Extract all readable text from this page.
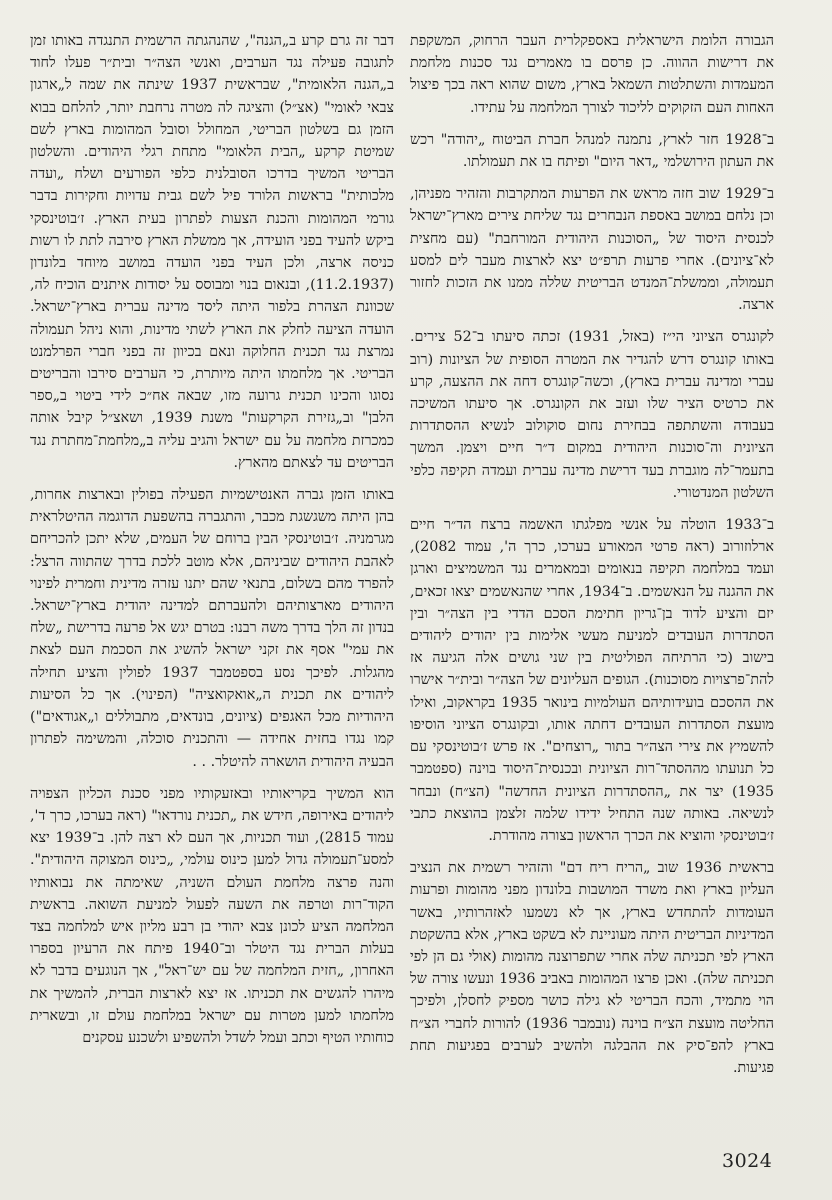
הגבורה הלומת הישראלית באספקלרית העבר הרחוק, המשקפת את דרישות ההווה. כן פרסם בו מאמרים נגד סכנות מלחמת המעמדות והשתלטות השמאל בארץ, משום שהוא ראה בכך פיצול האחות העם הזקוקים לליכוד לצורך המלחמה על עתידו.

ב־1928 חזר לארץ, נתמנה למנהל חברת הביטוח „יהודה" רכש את העתון הירושלמי „דאר היום" ופיתח בו את תעמולתו.

ב־1929 שוב חזה מראש את הפרעות המתקרבות והזהיר מפניהן, וכן נלחם במושב באספת הנבחרים נגד שליחת צירים מארץ־ישראל לכנסית היסוד של „הסוכנות היהודית המורחבת" (עם מחצית לא־ציונים). אחרי פרעות תרפ״ט יצא לארצות מעבר לים למסע תעמולה, וממשלת־המנדט הבריטית שללה ממנו את הזכות לחזור ארצה.

לקונגרס הציוני הי״ז (באזל, 1931) זכתה סיעתו ב־52 צירים. באותו קונגרס דרש להגדיר את המטרה הסופית של הציונות (רוב עברי ומדינה עברית בארץ), וכשה־קונגרס דחה את ההצעה, קרע את כרטיס הציר שלו ועזב את הקונגרס. אך סיעתו המשיכה בעבודה והשתתפה בבחירת נחום סוקולוב לנשיא ההסתדרות הציונית וה־סוכנות היהודית במקום ד״ר חיים ויצמן. המשך בתעמר־לה מוגברת בעד דרישת מדינה עברית ועמדה תקיפה כלפי השלטון המנדטורי.

ב־1933 הוטלה על אנשי מפלגתו האשמה ברצח הד״ר חיים ארלוזורוב (ראה פרטי המאורע בערכו, כרך ה', עמוד 2082), ועמד במלחמה תקיפה בנאומים ובמאמרים נגד המשמיצים וארגן את ההגנה על הנאשמים. ב־1934, אחרי שהנאשמים יצאו זכאים, יזם והציע לדוד בן־גריון חתימת הסכם הדדי בין הצה״ר ובין הסתדרות העובדים למניעת מעשי אלימות בין יהודים ליהודים בישוב (כי הרתיחה הפוליטית בין שני גושים אלה הגיעה אז להת־פרצויות מסוכנות). הגופים העליונים של הצה״ר ובית״ר אישרו את ההסכם בועידותיהם העולמיות בינואר 1935 בקראקוב, ואילו מועצת הסתדרות העובדים דחתה אותו, ובקונגרס הציוני הוסיפו להשמיץ את צירי הצה״ר בתור „רוצחים". אז פרש ז׳בוטינסקי עם כל תנועתו מההסתד־רות הציונית ובכנסית־היסוד בוינה (ספטמבר 1935) יצר את „ההסתדרות הציונית החדשה" (הצ״ח) ונבחר לנשיאה. באותה שנה התחיל ידידו שלמה זלצמן בהוצאת כתבי ז׳בוטינסקי והוציא את הכרך הראשון בצורה מהודרת.

בראשית 1936 שוב „הריח ריח דם" והזהיר רשמית את הנציב העליון בארץ ואת משרד המושבות בלונדון מפני מהומות ופרעות העומדות להתחדש בארץ, אך לא נשמעו לאזהרותיו, באשר המדיניות הבריטית היתה מעוניינת לא בשקט בארץ, אלא בהשקטת הארץ לפי תכניתה שלה אחרי שתפרוצנה מהומות (אולי גם הן לפי תכניתה שלה). ואכן פרצו המהומות באביב 1936 ונעשו צורה של הוי מתמיד, והכח הבריטי לא גילה כושר מספיק לחסלן, ולפיכך החליטה מועצת הצ״ח בוינה (נובמבר 1936) להורות לחברי הצ״ח בארץ להפ־סיק את ההבלגה ולהשיב לערבים בפגיעות תחת פגיעות.

דבר זה גרם קרע ב„הגנה", שהנהגתה הרשמית התנגדה באותו זמן לתגובה פעילה נגד הערבים, ואנשי הצה״ר ובית״ר פעלו לחוד ב„הגנה הלאומית", שבראשית 1937 שינתה את שמה ל„ארגון צבאי לאומי" (אצ״ל) והציגה לה מטרה נרחבת יותר, להלחם בבוא הזמן גם בשלטון הבריטי, המחולל וסובל המהומות בארץ לשם שמיטת קרקע „הבית הלאומי" מתחת רגלי היהודים. והשלטון הבריטי המשיך בדרכו הסובלנית כלפי הפורעים ושלח „ועדה מלכותית" בראשות הלורד פיל לשם גבית עדויות וחקירות בדבר גורמי המהומות והכנת הצעות לפתרון בעית הארץ. ז׳בוטינסקי ביקש להעיד בפני הועידה, אך ממשלת הארץ סירבה לתת לו רשות כניסה ארצה, ולכן העיד בפני הועדה במושב מיוחד בלונדון (11.2.1937), ובנאום בנוי ומבוסס על יסודות איתנים הוכיח לה, שכוונת הצהרת בלפור היתה ליסד מדינה עברית בארץ־ישראל. הועדה הציעה לחלק את הארץ לשתי מדינות, והוא ניהל תעמולה נמרצת נגד תכנית החלוקה ונאם בכיוון זה בפני חברי הפרלמנט הבריטי. אך מלחמתו היתה מיותרת, כי הערבים סירבו והבריטים נסוגו והכינו תכנית גרועה מזו, שבאה אח״כ לידי ביטוי ב„ספר הלבן" וב„גזירת הקרקעות" משנת 1939, ושאצ״ל קיבל אותה כמכרזת מלחמה על עם ישראל והגיב עליה ב„מלחמת־מחתרת נגד הבריטים עד לצאתם מהארץ.

באותו הזמן גברה האנטישמיות הפעילה בפולין ובארצות אחרות, בהן היתה משגשגת מכבר, והתגברה בהשפעת הדוגמה ההיטלראית מגרמניה. ז׳בוטינסקי הבין ברוחם של העמים, שלא יתכן להכריחם לאהבת היהודים שביניהם, אלא מוטב ללכת בדרך שהתווה הרצל: להפרד מהם בשלום, בתנאי שהם יתנו עזרה מדינית וחמרית לפינוי היהודים מארצותיהם ולהעברתם למדינה יהודית בארץ־ישראל. בנדון זה הלך בדרך משה רבנו: בטרם יגש אל פרעה בדרישת „שלח את עמי" אסף את זקני ישראל להשיג את הסכמת העם לצאת מהגלות. לפיכך נסע בספטמבר 1937 לפולין והציע תחילה ליהודים את תכנית ה„אואקואציה" (הפינוי). אך כל הסיעות היהודיות מכל האגפים (ציונים, בונדאים, מתבוללים ו„אגודאים") קמו נגדו בחזית אחידה — והתכנית סוכלה, והמשימה לפתרון הבעיה היהודית הושארה להיטלר. . .

הוא המשיך בקריאותיו ובאזעקותיו מפני סכנת הכליון הצפויה ליהודים באירופה, חידש את „תכנית נורדאו" (ראה בערכו, כרך ד', עמוד 2815), ועוד תכניות, אך העם לא רצה להן. ב־1939 יצא למסע־תעמולה גדול למען כינוס עולמי, „כינוס המצוקה היהודית". והנה פרצה מלחמת העולם השניה, שאימתה את נבואותיו הקוד־רות וטרפה את השעה לפעול למניעת השואה. בראשית המלחמה הציע לכונן צבא יהודי בן רבע מליון איש למלחמה בצד בעלות הברית נגד היטלר וב־1940 פיתח את הרעיון בספרו האחרון, „חזית המלחמה של עם יש־ראל", אך הנוגעים בדבר לא מיהרו להגשים את תכניתו. אז יצא לארצות הברית, להמשיך את מלחמתו למען מטרות עם ישראל במלחמת עולם זו, ובשארית כוחותיו הטיף וכתב ועמל לשדל ולהשפיע ולשכנע עסקנים

3024
